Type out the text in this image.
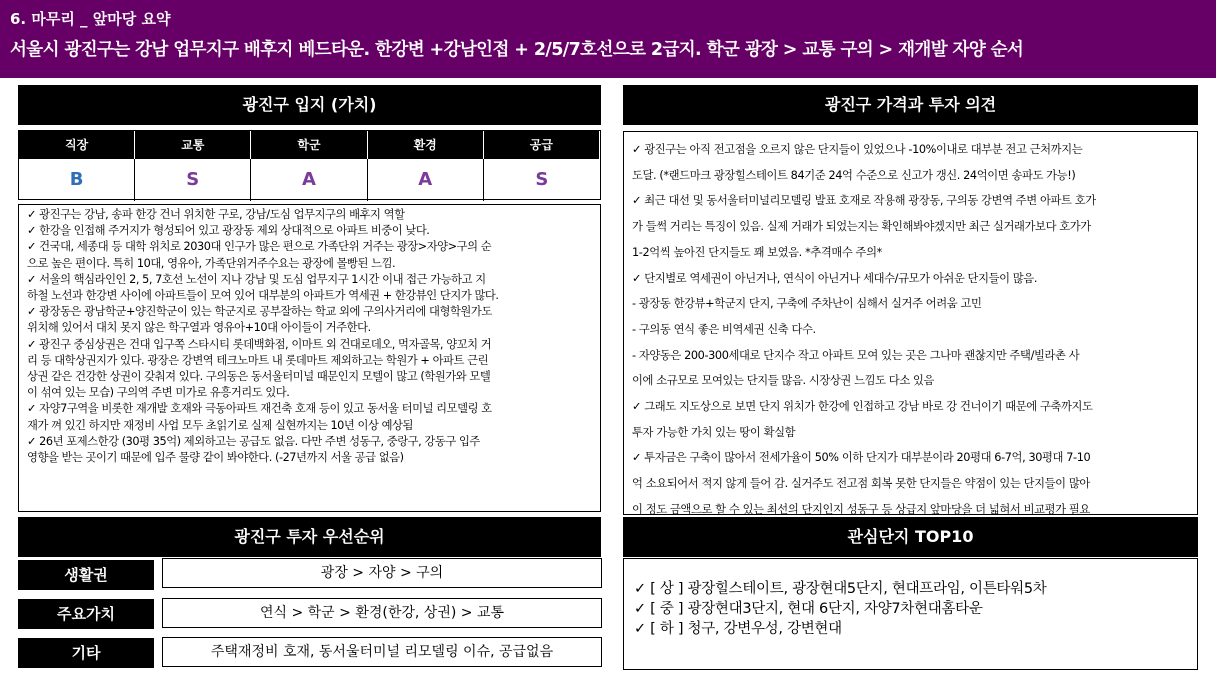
6. 마무리 _ 앞마당 요약
서울시 광진구는 강남 업무지구 배후지 베드타운. 한강변 +강남인접 + 2/5/7호선으로 2급지. 학군 광장 > 교통 구의 > 재개발 자양 순서
광진구 입지 (가치)
직장	교통	학군	환경	공급
B	S	A	A	S
✓ 광진구는 강남, 송파 한강 건너 위치한 구로, 강남/도심 업무지구의 배후지 역할
✓ 한강을 인접해 주거지가 형성되어 있고 광장동 제외 상대적으로 아파트 비중이 낮다.
✓ 건국대, 세종대 등 대학 위치로 2030대 인구가 많은 편으로 가족단위 거주는 광장>자양>구의 순
으로 높은 편이다. 특히 10대, 영유아, 가족단위거주수요는 광장에 몰빵된 느낌.
✓ 서울의 핵심라인인 2, 5, 7호선 노선이 지나 강남 및 도심 업무지구 1시간 이내 접근 가능하고 지
하철 노선과 한강변 사이에 아파트들이 모여 있어 대부분의 아파트가 역세권 + 한강뷰인 단지가 많다.
✓ 광장동은 광남학군+양진학군이 있는 학군지로 공부잘하는 학교 외에 구의사거리에 대형학원가도
위치해 있어서 대치 못지 않은 학구열과 영유아+10대 아이들이 거주한다.
✓ 광진구 중심상권은 건대 입구쪽 스타시티 롯데백화점, 이마트 외 건대로데오, 먹자골목, 양꼬치 거
리 등 대학상권지가 있다. 광장은 강변역 테크노마트 내 롯데마트 제외하고는 학원가 + 아파트 근린
상권 같은 건강한 상권이 갖춰져 있다. 구의동은 동서울터미널 때문인지 모텔이 많고 (학원가와 모텔
이 섞여 있는 모습) 구의역 주변 미가로 유흥거리도 있다.
✓ 자양7구역을 비롯한 재개발 호재와 극동아파트 재건축 호재 등이 있고 동서울 터미널 리모델링 호
재가 껴 있긴 하지만 재정비 사업 모두 초읽기로 실제 실현까지는 10년 이상 예상됨
✓ 26년 포제스한강 (30평 35억) 제외하고는 공급도 없음. 다만 주변 성동구, 중랑구, 강동구 입주
영향을 받는 곳이기 때문에 입주 물량 같이 봐야한다. (-27년까지 서울 공급 없음)
광진구 가격과 투자 의견
✓ 광진구는 아직 전고점을 오르지 않은 단지들이 있었으나 -10%이내로 대부분 전고 근처까지는
도달. (*랜드마크 광장힐스테이트 84기준 24억 수준으로 신고가 갱신. 24억이면 송파도 가능!)
✓ 최근 대선 및 동서울터미널리모델링 발표 호재로 작용해 광장동, 구의동 강변역 주변 아파트 호가
가 들썩 거리는 특징이 있음. 실제 거래가 되었는지는 확인해봐야겠지만 최근 실거래가보다 호가가
1-2억씩 높아진 단지들도 꽤 보였음. *추격매수 주의*
✓ 단지별로 역세권이 아닌거나, 연식이 아닌거나 세대수/규모가 아쉬운 단지들이 많음.
- 광장동 한강뷰+학군지 단지, 구축에 주차난이 심해서 실거주 어려움 고민
- 구의동 연식 좋은 비역세권 신축 다수.
- 자양동은 200-300세대로 단지수 작고 아파트 모여 있는 곳은 그나마 괜찮지만 주택/빌라촌 사
이에 소규모로 모여있는 단지들 많음. 시장상권 느낌도 다소 있음
✓ 그래도 지도상으로 보면 단지 위치가 한강에 인접하고 강남 바로 강 건너이기 때문에 구축까지도
투자 가능한 가치 있는 땅이 확실함
✓ 투자금은 구축이 많아서 전세가율이 50% 이하 단지가 대부분이라 20평대 6-7억, 30평대 7-10
억 소요되어서 적지 않게 들어 감. 실거주도 전고점 회복 못한 단지들은 약점이 있는 단지들이 많아
이 정도 금액으로 할 수 있는 최선의 단지인지 성동구 등 상급지 앞마당을 더 넓혀서 비교평가 필요
광진구 투자 우선순위
생활권	광장 > 자양 > 구의
주요가치	연식 > 학군 > 환경(한강, 상권) > 교통
기타	주택재정비 호재, 동서울터미널 리모델링 이슈, 공급없음
관심단지 TOP10
✓ [ 상 ] 광장힐스테이트, 광장현대5단지, 현대프라임, 이튼타워5차
✓ [ 중 ] 광장현대3단지, 현대 6단지, 자양7차현대홈타운
✓ [ 하 ] 청구, 강변우성, 강변현대
